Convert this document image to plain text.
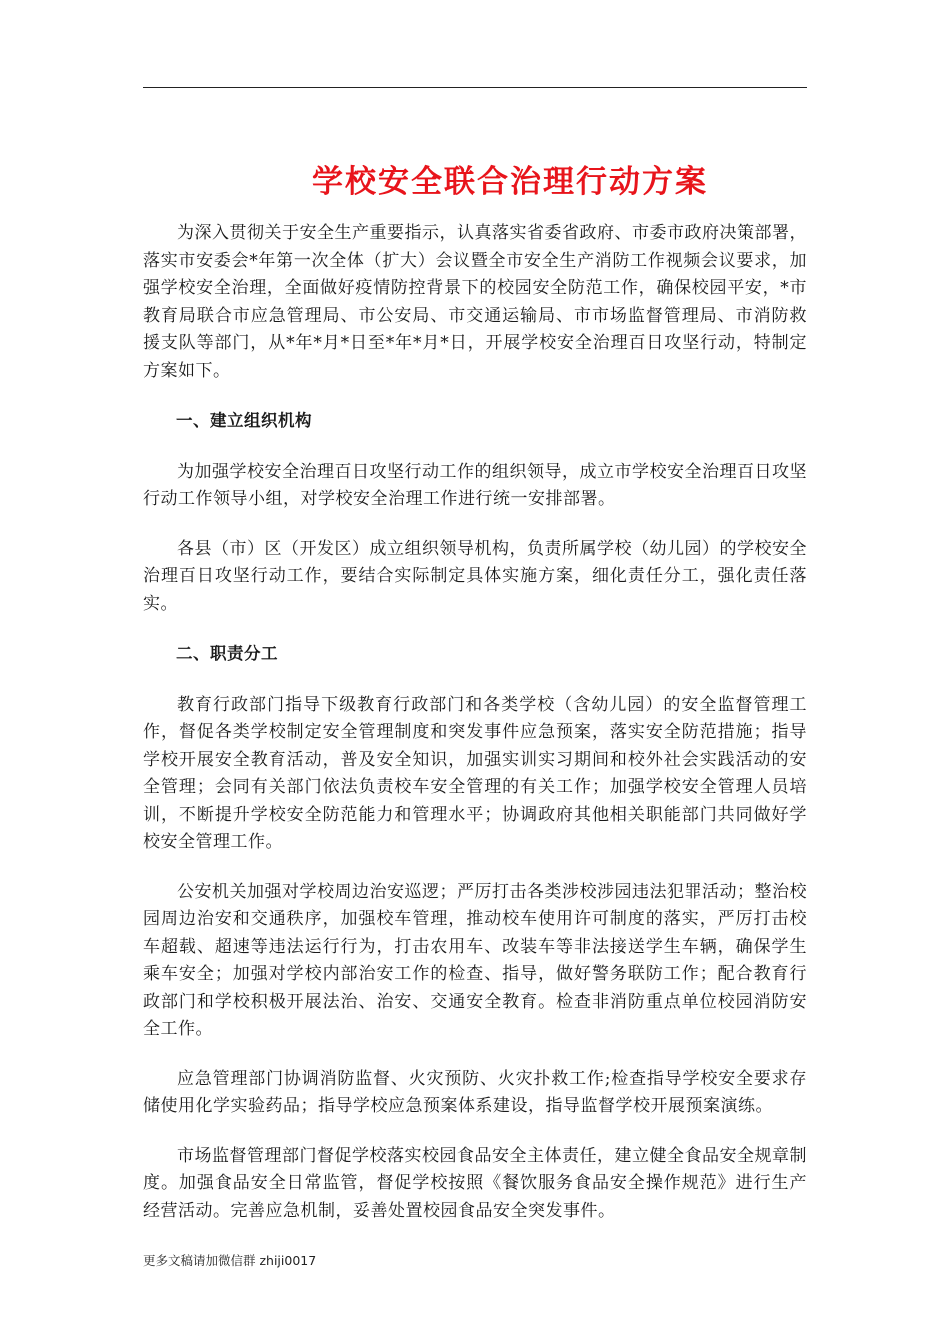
学校安全联合治理行动方案

为深入贯彻关于安全生产重要指示，认真落实省委省政府、市委市政府决策部署，落实市安委会*年第一次全体（扩大）会议暨全市安全生产消防工作视频会议要求，加强学校安全治理，全面做好疫情防控背景下的校园安全防范工作，确保校园平安，*市教育局联合市应急管理局、市公安局、市交通运输局、市市场监督管理局、市消防救援支队等部门，从*年*月*日至*年*月*日，开展学校安全治理百日攻坚行动，特制定方案如下。

一、建立组织机构

为加强学校安全治理百日攻坚行动工作的组织领导，成立市学校安全治理百日攻坚行动工作领导小组，对学校安全治理工作进行统一安排部署。

各县（市）区（开发区）成立组织领导机构，负责所属学校（幼儿园）的学校安全治理百日攻坚行动工作，要结合实际制定具体实施方案，细化责任分工，强化责任落实。

二、职责分工

教育行政部门指导下级教育行政部门和各类学校（含幼儿园）的安全监督管理工作，督促各类学校制定安全管理制度和突发事件应急预案，落实安全防范措施；指导学校开展安全教育活动，普及安全知识，加强实训实习期间和校外社会实践活动的安全管理；会同有关部门依法负责校车安全管理的有关工作；加强学校安全管理人员培训，不断提升学校安全防范能力和管理水平；协调政府其他相关职能部门共同做好学校安全管理工作。

公安机关加强对学校周边治安巡逻；严厉打击各类涉校涉园违法犯罪活动；整治校园周边治安和交通秩序，加强校车管理，推动校车使用许可制度的落实，严厉打击校车超载、超速等违法运行行为，打击农用车、改装车等非法接送学生车辆，确保学生乘车安全；加强对学校内部治安工作的检查、指导，做好警务联防工作；配合教育行政部门和学校积极开展法治、治安、交通安全教育。检查非消防重点单位校园消防安全工作。

应急管理部门协调消防监督、火灾预防、火灾扑救工作;检查指导学校安全要求存储使用化学实验药品；指导学校应急预案体系建设，指导监督学校开展预案演练。

市场监督管理部门督促学校落实校园食品安全主体责任，建立健全食品安全规章制度。加强食品安全日常监管，督促学校按照《餐饮服务食品安全操作规范》进行生产经营活动。完善应急机制，妥善处置校园食品安全突发事件。

更多文稿请加微信群 zhiji0017
